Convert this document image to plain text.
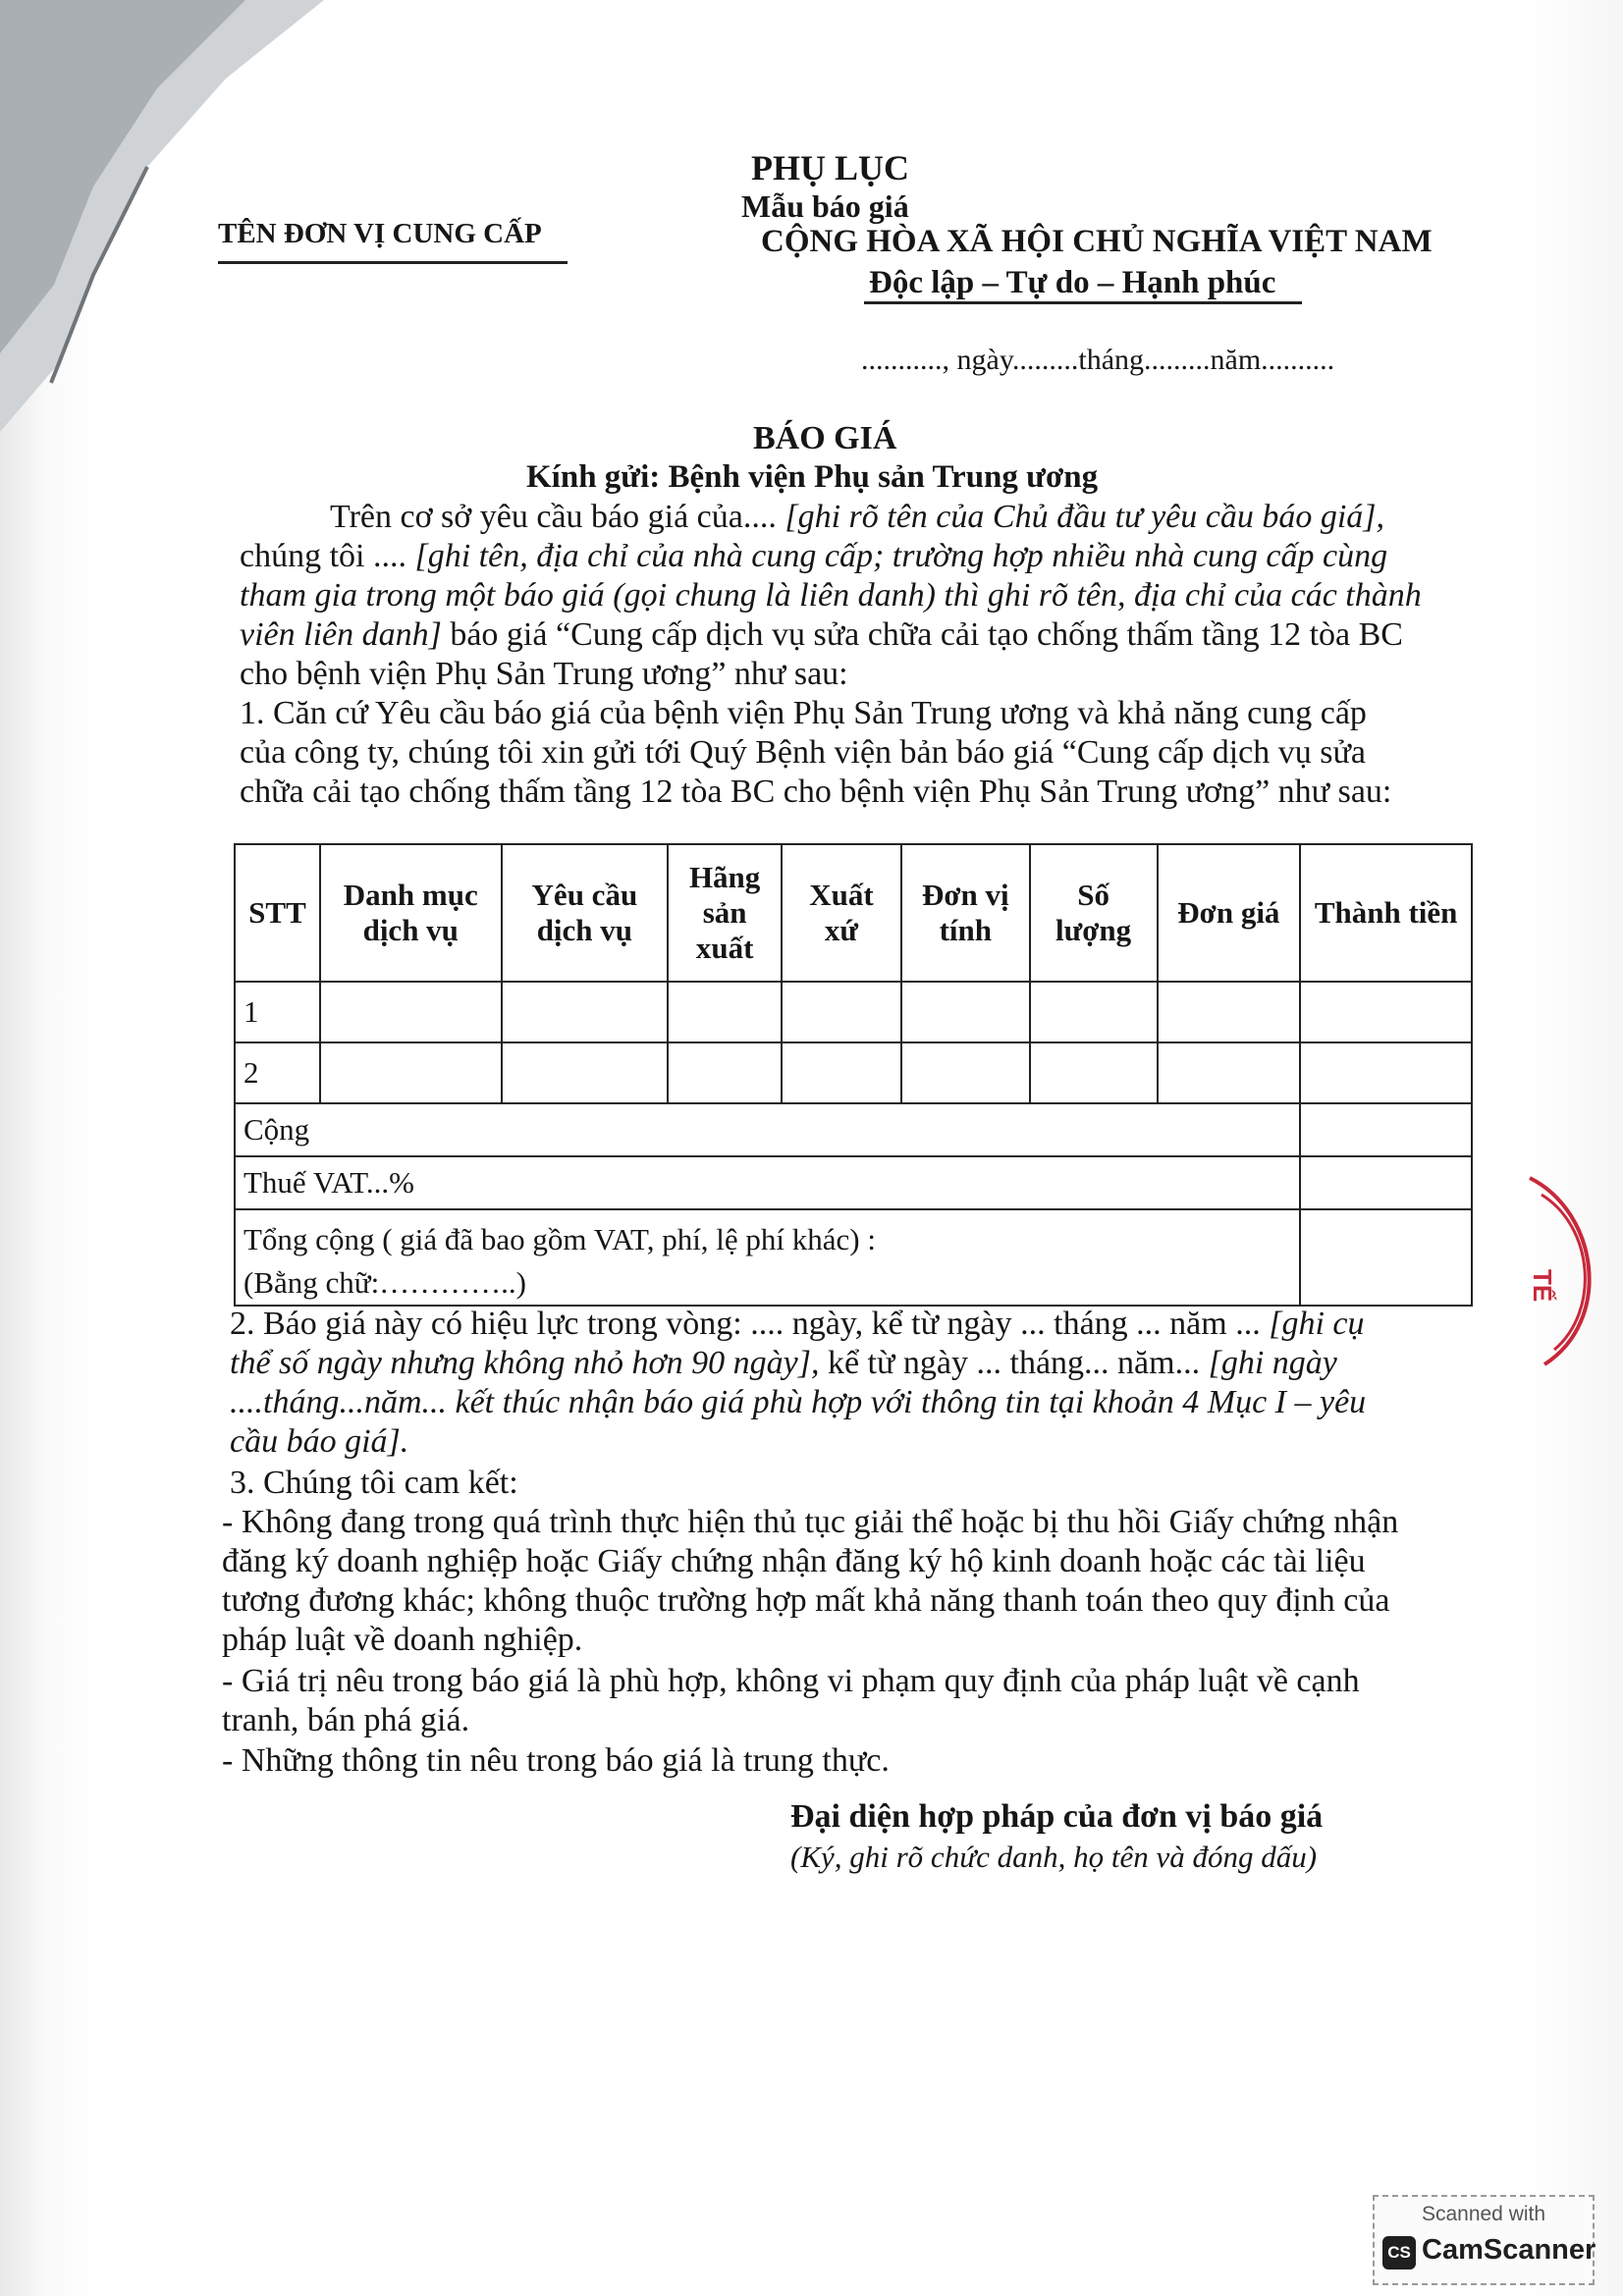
PHỤ LỤC
Mẫu báo giá
TÊN ĐƠN VỊ CUNG CẤP	CỘNG HÒA XÃ HỘI CHỦ NGHĨA VIỆT NAM
Độc lập – Tự do – Hạnh phúc
..........., ngày.........tháng.........năm..........
BÁO GIÁ
Kính gửi: Bệnh viện Phụ sản Trung ương
Trên cơ sở yêu cầu báo giá của.... [ghi rõ tên của Chủ đầu tư yêu cầu báo giá],
chúng tôi .... [ghi tên, địa chỉ của nhà cung cấp; trường hợp nhiều nhà cung cấp cùng
tham gia trong một báo giá (gọi chung là liên danh) thì ghi rõ tên, địa chỉ của các thành
viên liên danh] báo giá “Cung cấp dịch vụ sửa chữa cải tạo chống thấm tầng 12 tòa BC
cho bệnh viện Phụ Sản Trung ương” như sau:
1. Căn cứ Yêu cầu báo giá của bệnh viện Phụ Sản Trung ương và khả năng cung cấp
của công ty, chúng tôi xin gửi tới Quý Bệnh viện bản báo giá “Cung cấp dịch vụ sửa
chữa cải tạo chống thấm tầng 12 tòa BC cho bệnh viện Phụ Sản Trung ương” như sau:
STT	Danh mục dịch vụ	Yêu cầu dịch vụ	Hãng sản xuất	Xuất xứ	Đơn vị tính	Số lượng	Đơn giá	Thành tiền
1								
2								
Cộng								
Thuế VAT...%								

Tổng cộng ( giá đã bao gồm VAT, phí, lệ phí khác) :
(Bằng chữ:…………..)								

2. Báo giá này có hiệu lực trong vòng: .... ngày, kể từ ngày ... tháng ... năm ... [ghi cụ
thể số ngày nhưng không nhỏ hơn 90 ngày], kể từ ngày ... tháng... năm... [ghi ngày
....tháng...năm... kết thúc nhận báo giá phù hợp với thông tin tại khoản 4 Mục I – yêu
cầu báo giá].
3. Chúng tôi cam kết:
- Không đang trong quá trình thực hiện thủ tục giải thể hoặc bị thu hồi Giấy chứng nhận
đăng ký doanh nghiệp hoặc Giấy chứng nhận đăng ký hộ kinh doanh hoặc các tài liệu
tương đương khác; không thuộc trường hợp mất khả năng thanh toán theo quy định của
pháp luật về doanh nghiệp.
- Giá trị nêu trong báo giá là phù hợp, không vi phạm quy định của pháp luật về cạnh
tranh, bán phá giá.
- Những thông tin nêu trong báo giá là trung thực.
Đại diện hợp pháp của đơn vị báo giá
(Ký, ghi rõ chức danh, họ tên và đóng dấu)
TẾ
Scanned with
CS CamScanner
